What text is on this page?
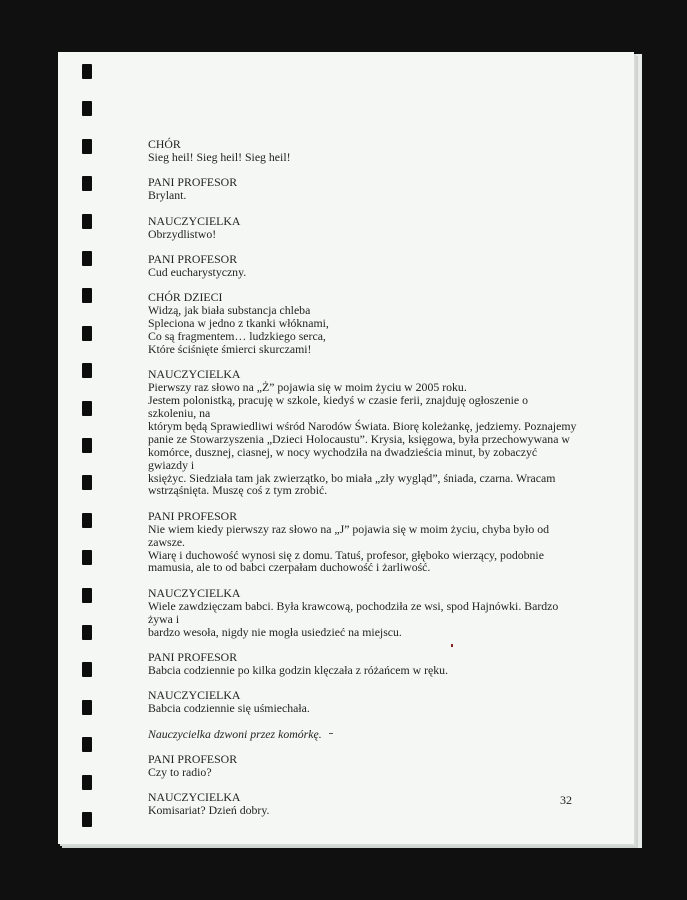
CHÓR
Sieg heil! Sieg heil! Sieg heil!
PANI PROFESOR
Brylant.
NAUCZYCIELKA
Obrzydlistwo!
PANI PROFESOR
Cud eucharystyczny.
CHÓR DZIECI
Widzą, jak biała substancja chleba
Spleciona w jedno z tkanki włóknami,
Co są fragmentem… ludzkiego serca,
Które ściśnięte śmierci skurczami!
NAUCZYCIELKA
Pierwszy raz słowo na „Ż” pojawia się w moim życiu w 2005 roku.
Jestem polonistką, pracuję w szkole, kiedyś w czasie ferii, znajduję ogłoszenie o szkoleniu, na
którym będą Sprawiedliwi wśród Narodów Świata. Biorę koleżankę, jedziemy. Poznajemy
panie ze Stowarzyszenia „Dzieci Holocaustu”. Krysia, księgowa, była przechowywana w
komórce, dusznej, ciasnej, w nocy wychodziła na dwadzieścia minut, by zobaczyć gwiazdy i
księżyc. Siedziała tam jak zwierzątko, bo miała „zły wygląd”, śniada, czarna. Wracam
wstrząśnięta. Muszę coś z tym zrobić.
PANI PROFESOR
Nie wiem kiedy pierwszy raz słowo na „J” pojawia się w moim życiu, chyba było od zawsze.
Wiarę i duchowość wynosi się z domu. Tatuś, profesor, głęboko wierzący, podobnie
mamusia, ale to od babci czerpałam duchowość i żarliwość.
NAUCZYCIELKA
Wiele zawdzięczam babci. Była krawcową, pochodziła ze wsi, spod Hajnówki. Bardzo żywa i
bardzo wesoła, nigdy nie mogła usiedzieć na miejscu.
PANI PROFESOR
Babcia codziennie po kilka godzin klęczała z różańcem w ręku.
NAUCZYCIELKA
Babcia codziennie się uśmiechała.
Nauczycielka dzwoni przez komórkę.
PANI PROFESOR
Czy to radio?
NAUCZYCIELKA
Komisariat? Dzień dobry.
32
